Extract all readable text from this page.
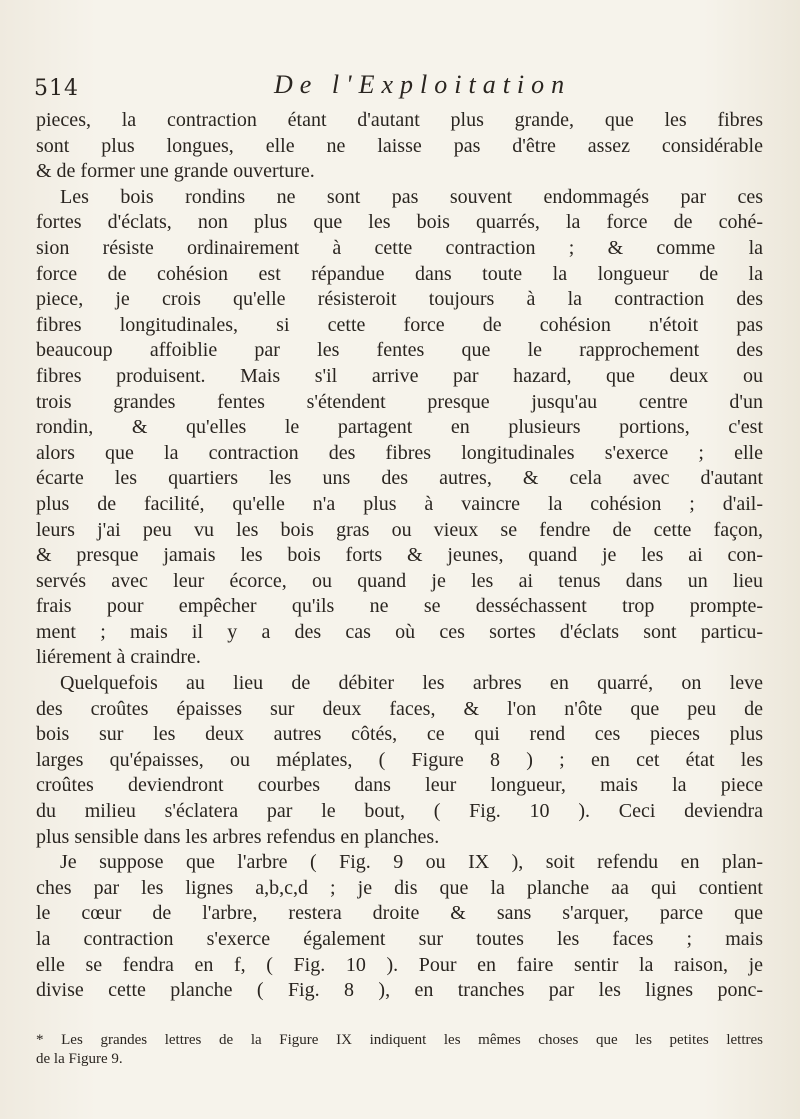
514	De l'Exploitation
pieces, la contraction étant d'autant plus grande, que les fibres
sont plus longues, elle ne laisse pas d'être assez considérable
& de former une grande ouverture.
Les bois rondins ne sont pas souvent endommagés par ces
fortes d'éclats, non plus que les bois quarrés, la force de cohé-
sion résiste ordinairement à cette contraction ; & comme la
force de cohésion est répandue dans toute la longueur de la
piece, je crois qu'elle résisteroit toujours à la contraction des
fibres longitudinales, si cette force de cohésion n'étoit pas
beaucoup affoiblie par les fentes que le rapprochement des
fibres produisent. Mais s'il arrive par hazard, que deux ou
trois grandes fentes s'étendent presque jusqu'au centre d'un
rondin, & qu'elles le partagent en plusieurs portions, c'est
alors que la contraction des fibres longitudinales s'exerce ; elle
écarte les quartiers les uns des autres, & cela avec d'autant
plus de facilité, qu'elle n'a plus à vaincre la cohésion ; d'ail-
leurs j'ai peu vu les bois gras ou vieux se fendre de cette façon,
& presque jamais les bois forts & jeunes, quand je les ai con-
servés avec leur écorce, ou quand je les ai tenus dans un lieu
frais pour empêcher qu'ils ne se desséchassent trop prompte-
ment ; mais il y a des cas où ces sortes d'éclats sont particu-
liérement à craindre.
Quelquefois au lieu de débiter les arbres en quarré, on leve
des croûtes épaisses sur deux faces, & l'on n'ôte que peu de
bois sur les deux autres côtés, ce qui rend ces pieces plus
larges qu'épaisses, ou méplates, ( Figure 8 ) ; en cet état les
croûtes deviendront courbes dans leur longueur, mais la piece
du milieu s'éclatera par le bout, ( Fig. 10 ). Ceci deviendra
plus sensible dans les arbres refendus en planches.
Je suppose que l'arbre ( Fig. 9 ou IX ), soit refendu en plan-
ches par les lignes a,b,c,d ; je dis que la planche aa qui contient
le cœur de l'arbre, restera droite & sans s'arquer, parce que
la contraction s'exerce également sur toutes les faces ; mais
elle se fendra en f, ( Fig. 10 ). Pour en faire sentir la raison, je
divise cette planche ( Fig. 8 ), en tranches par les lignes ponc-
* Les grandes lettres de la Figure IX indiquent les mêmes choses que les petites lettres
de la Figure 9.
